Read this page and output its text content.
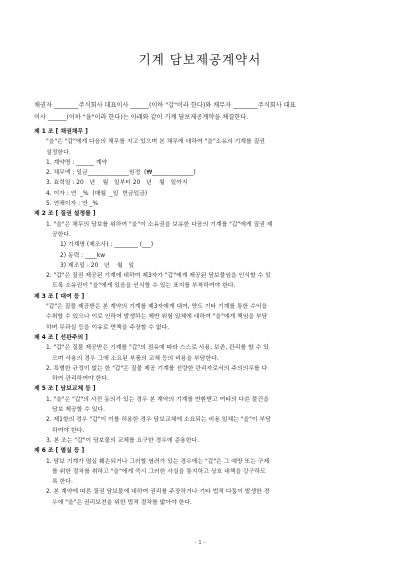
기계 담보제공계약서
채권자 ________주식회사 대표이사 ______(이하 "갑"이라 한다)와 채무자 ________주식회사 대표
이사 ______(이하 "을"이라 한다)는 아래와 같이 기계 담보제공계약을 체결한다.
제 1 조 [ 채권채무 ]
"을"은 "갑"에게 다음의 채무를 지고 있으며 본 채무에 대하여 "을"소유의 기계를 질권
설정한다.
1. 계약명 : ______ 계약
2. 채무액 : 일금______________원정  (₩______________)
3. 효력일 : 20   년    월   일부터 20   년    월   일까지
4. 이자 : 연  _%  (매월  _일  현금입금)
5. 연체이자 : 연 _%
제 2 조 [ 질권 설정물 ]
1. "을"은 채무의 담보를 위하여 "을"이 소유권을 보유한 다음의 기계를 "갑"에게 질권 제
공한다.
1) 기계명 (제조사) : ________ (___)
2) 동력 : ____kw
3) 제조일 : 20   년    월   일
2. "갑"은 질권 제공된 기계에 대하여 제3자가 "갑"에게 제공된 담보물임을 인식할 수 있
도록 소유권이 "을"에게 있음을 인식할 수 있는 표지를 부착하여야 한다.
제 3 조 [ 대여 등 ]
"갑"은 질물 제공받은 본 계약의 기계를 제3자에게 대여, 양도 기타 기계를 통한 수익을
수취할 수 있으나 이로 인하여 발생하는 제반 위험 일체에 대하여 "을"에게 책임을 부담
하며 무과실 등을 이유로 면책을 주장할 수 없다.
제 4 조 [ 선관주의 ]
1. "갑"은 질물 제공받은 기계를 "갑"의 점유에 따라 스스로 사용, 보존, 관리를 할 수 있
으며 사용의 경우 그에 소요된 부품의 교체 등의 비용을 부담한다.
2. 특별한 규정이 없는 한 "갑"은 질물 제공 기계를 선량한 관리자로서의 주의의무를 다
하여 관리하여야 한다.
제 5 조 [ 담보교체 등 ]
1. "을"은 "갑"의 사전 동의가 있는 경우 본 계약의 기계를 반환받고 여타의 다른 물건을
담보 제공할 수 있다.
2. 제1항의 경우 "갑"이 이를 허용한 경우 담보교체에 소요되는 비용 일체는 "을"이 부담
하여야 한다.
3. 본 조는 "갑"이 담보물의 교체를 요구한 경우에 준용한다.
제 6 조 [ 멸실 등 ]
1. 담보 기계가 멸실 훼손되거나 그러할 염려가 있는 경우에는 "갑"은 그 예방 또는 구제
를 위한 절차를 취하고 "을"에게 즉시 그러한 사실을 통지하고 상호 대책을 강구하도
록 한다.
2. 본 계약에 따른 질권 담보물에 대하여 권리를 주장하거나 기타 법적 다툼이 발생한 경
우에 "을"은 권리보전을 위한 법적 절차를 밟아야 한다.
- 1 -
